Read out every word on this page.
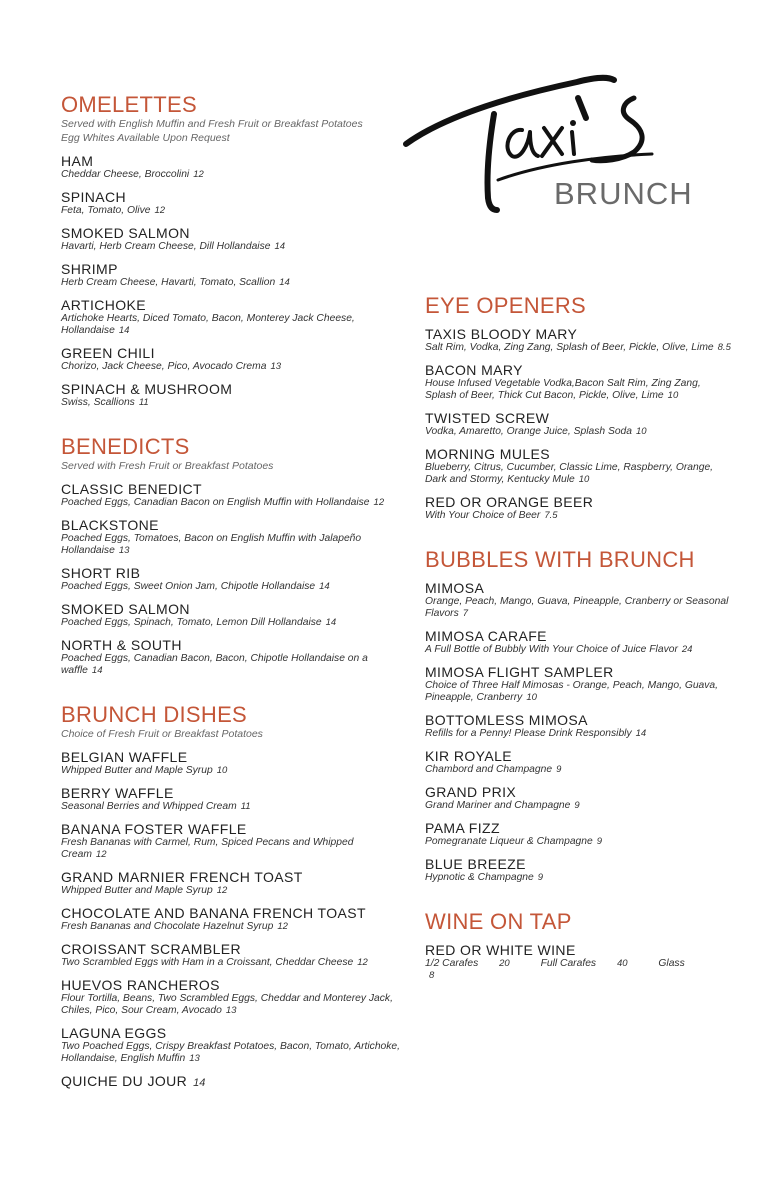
BRUNCH
OMELETTES
Served with English Muffin and Fresh Fruit or Breakfast Potatoes
Egg Whites Available Upon Request
HAM
Cheddar Cheese, Broccolini 12
SPINACH
Feta, Tomato, Olive 12
SMOKED SALMON
Havarti, Herb Cream Cheese, Dill Hollandaise 14
SHRIMP
Herb Cream Cheese, Havarti, Tomato, Scallion 14
ARTICHOKE
Artichoke Hearts, Diced Tomato, Bacon, Monterey Jack Cheese, Hollandaise 14
GREEN CHILI
Chorizo, Jack Cheese, Pico, Avocado Crema 13
SPINACH & MUSHROOM
Swiss, Scallions 11
BENEDICTS
Served with Fresh Fruit or Breakfast Potatoes
CLASSIC BENEDICT
Poached Eggs, Canadian Bacon on English Muffin with Hollandaise 12
BLACKSTONE
Poached Eggs, Tomatoes, Bacon on English Muffin with Jalapeño Hollandaise 13
SHORT RIB
Poached Eggs, Sweet Onion Jam, Chipotle Hollandaise 14
SMOKED SALMON
Poached Eggs, Spinach, Tomato, Lemon Dill Hollandaise 14
NORTH & SOUTH
Poached Eggs, Canadian Bacon, Bacon, Chipotle Hollandaise on a waffle 14
BRUNCH DISHES
Choice of Fresh Fruit or Breakfast Potatoes
BELGIAN WAFFLE
Whipped Butter and Maple Syrup 10
BERRY WAFFLE
Seasonal Berries and Whipped Cream 11
BANANA FOSTER WAFFLE
Fresh Bananas with Carmel, Rum, Spiced Pecans and Whipped Cream 12
GRAND MARNIER FRENCH TOAST
Whipped Butter and Maple Syrup 12
CHOCOLATE AND BANANA FRENCH TOAST
Fresh Bananas and Chocolate Hazelnut Syrup 12
CROISSANT SCRAMBLER
Two Scrambled Eggs with Ham in a Croissant, Cheddar Cheese 12
HUEVOS RANCHEROS
Flour Tortilla, Beans, Two Scrambled Eggs, Cheddar and Monterey Jack, Chiles, Pico, Sour Cream, Avocado 13
LAGUNA EGGS
Two Poached Eggs, Crispy Breakfast Potatoes, Bacon, Tomato, Artichoke, Hollandaise, English Muffin 13
QUICHE DU JOUR 14
EYE OPENERS
TAXIS BLOODY MARY
Salt Rim, Vodka, Zing Zang, Splash of Beer, Pickle, Olive, Lime 8.5
BACON MARY
House Infused Vegetable Vodka,Bacon Salt Rim, Zing Zang, Splash of Beer, Thick Cut Bacon, Pickle, Olive, Lime 10
TWISTED SCREW
Vodka, Amaretto, Orange Juice, Splash Soda 10
MORNING MULES
Blueberry, Citrus, Cucumber, Classic Lime, Raspberry, Orange, Dark and Stormy, Kentucky Mule 10
RED OR ORANGE BEER
With Your Choice of Beer 7.5
BUBBLES WITH BRUNCH
MIMOSA
Orange, Peach, Mango, Guava, Pineapple, Cranberry or Seasonal Flavors 7
MIMOSA CARAFE
A Full Bottle of Bubbly With Your Choice of Juice Flavor 24
MIMOSA FLIGHT SAMPLER
Choice of Three Half Mimosas - Orange, Peach, Mango, Guava, Pineapple, Cranberry 10
BOTTOMLESS MIMOSA
Refills for a Penny! Please Drink Responsibly 14
KIR ROYALE
Chambord and Champagne 9
GRAND PRIX
Grand Mariner and Champagne 9
PAMA FIZZ
Pomegranate Liqueur & Champagne 9
BLUE BREEZE
Hypnotic & Champagne 9
WINE ON TAP
RED OR WHITE WINE
1/2 Carafes 20	Full Carafes 40	Glass 8
